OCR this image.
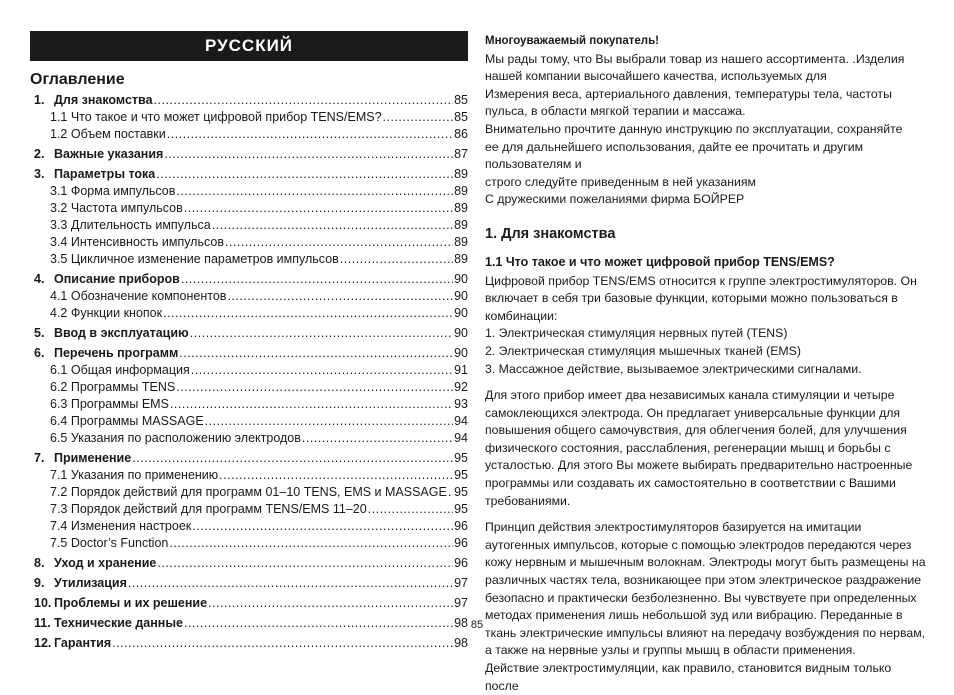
РУССКИЙ
Оглавление
1. Для знакомства .....	85
1.1 Что такое и что может цифровой прибор TENS/EMS? .....	85
1.2 Объем поставки .....	86
2. Важные указания .....	87
3. Параметры тока .....	89
3.1 Форма импульсов .....	89
3.2 Частота импульсов .....	89
3.3 Длительность импульса .....	89
3.4 Интенсивность импульсов .....	89
3.5 Цикличное изменение параметров импульсов .....	89
4. Описание приборов .....	90
4.1 Обозначение компонентов .....	90
4.2 Функции кнопок .....	90
5. Ввод в эксплуатацию .....	90
6. Перечень программ .....	90
6.1 Общая информация .....	91
6.2 Программы TENS .....	92
6.3 Программы EMS .....	93
6.4 Программы MASSAGE .....	94
6.5 Указания по расположению электродов .....	94
7. Применение .....	95
7.1 Указания по применению .....	95
7.2 Порядок действий для программ 01–10 TENS, EMS и MASSAGE ..... 95
7.3 Порядок действий для программ TENS/EMS 11–20 .....	95
7.4 Изменения настроек .....	96
7.5 Doctor’s Function .....	96
8. Уход и хранение .....	96
9. Утилизация .....	97
10. Проблемы и их решение .....	97
11. Технические данные .....	98
12. Гарантия .....	98

Многоуважаемый покупатель!

Мы рады тому, что Вы выбрали товар из нашего ассортимента. .Изделия
нашей компании высочайшего качества, используемых для
Измерения веса, артериального давления, температуры тела, частоты
пульса, в области мягкой терапии и массажа.
Внимательно прочтите данную инструкцию по эксплуатации, сохраняйте
ее для дальнейшего использования, дайте ее прочитать и другим
пользователям и
строго следуйте приведенным в ней указаниям

С дружескими пожеланиями фирма БОЙРЕР

1. Для знакомства
1.1 Что такое и что может цифровой прибор TENS/EMS?

Цифровой прибор TENS/EMS относится к группе электростимуляторов. Он включает в себя три базовые функции, которыми можно пользоваться в комбинации:

1. Электрическая стимуляция нервных путей (TENS)
2. Электрическая стимуляция мышечных тканей (EMS)
3. Массажное действие, вызываемое электрическими сигналами.

Для этого прибор имеет два независимых канала стимуляции и четыре самоклеющихся электрода. Он предлагает универсальные функции для повышения общего самочувствия, для облегчения болей, для улучшения физического состояния, расслабления, регенерации мышц и борьбы с усталостью. Для этого Вы можете выбирать предварительно настроенные программы или создавать их самостоятельно в соответствии с Вашими требованиями.

Принцип действия электростимуляторов базируется на имитации аутогенных импульсов, которые с помощью электродов передаются через кожу нервным и мышечным волокнам. Электроды могут быть размещены на различных частях тела, возникающее при этом электрическое раздражение безопасно и практически безболезненно. Вы чувствуете при определенных методах применения лишь небольшой зуд или вибрацию. Переданные в ткань электрические импульсы влияют на передачу возбуждения по нервам, а также на нервные узлы и группы мышц в области применения.

Действие электростимуляции, как правило, становится видным только после

85
